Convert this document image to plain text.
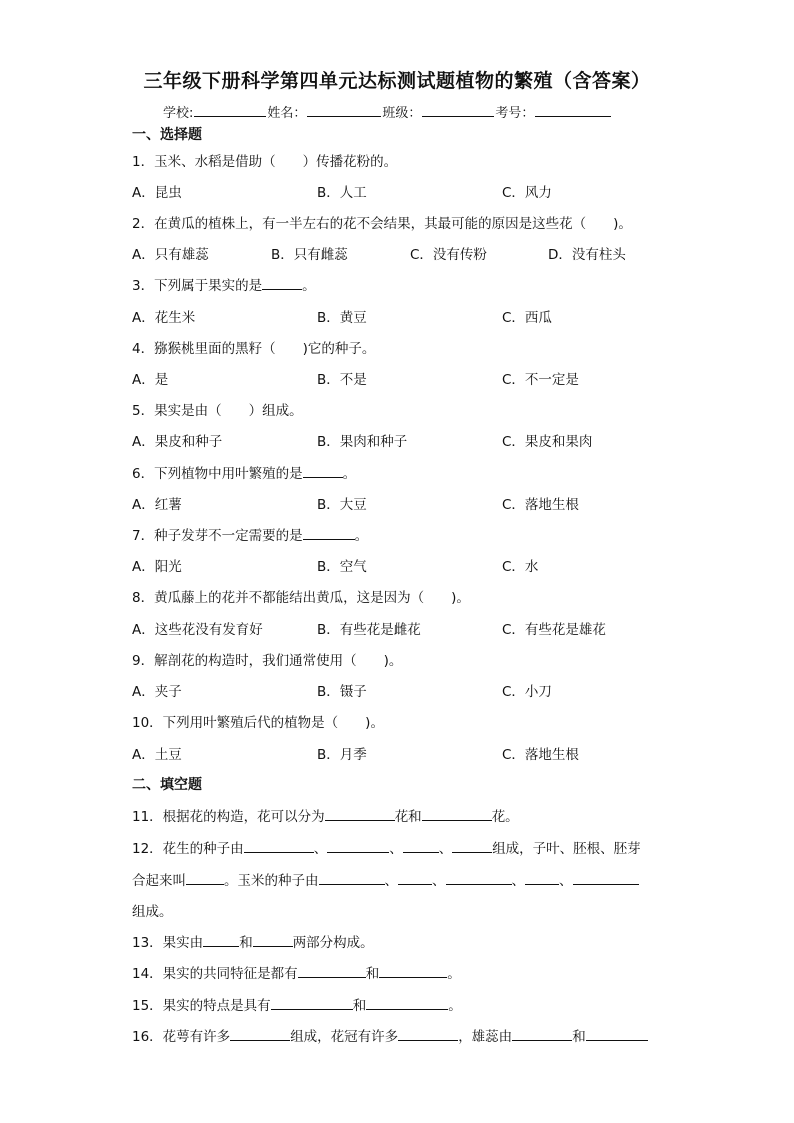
三年级下册科学第四单元达标测试题植物的繁殖（含答案）
学校:	姓名：	班级：	考号：
一、选择题
1．玉米、水稻是借助（　　）传播花粉的。
A．昆虫	B．人工	C．风力
2．在黄瓜的植株上，有一半左右的花不会结果，其最可能的原因是这些花（　　)。
A．只有雄蕊	B．只有雌蕊	C．没有传粉	D．没有柱头
3．下列属于果实的是	。
A．花生米	B．黄豆	C．西瓜
4．猕猴桃里面的黑籽（　　)它的种子。
A．是	B．不是	C．不一定是
5．果实是由（　　）组成。
A．果皮和种子	B．果肉和种子	C．果皮和果肉
6．下列植物中用叶繁殖的是	。
A．红薯	B．大豆	C．落地生根
7．种子发芽不一定需要的是	。
A．阳光	B．空气	C．水
8．黄瓜藤上的花并不都能结出黄瓜，这是因为（　　)。
A．这些花没有发育好	B．有些花是雌花	C．有些花是雄花
9．解剖花的构造时，我们通常使用（　　)。
A．夹子	B．镊子	C．小刀
10．下列用叶繁殖后代的植物是（　　)。
A．土豆	B．月季	C．落地生根
二、填空题
11．根据花的构造，花可以分为	花和	花。
12．花生的种子由	、	、	、	组成，子叶、胚根、胚芽
合起来叫	。玉米的种子由	、	、	、	、
组成。
13．果实由	和	两部分构成。
14．果实的共同特征是都有	和	。
15．果实的特点是具有	和	。
16．花萼有许多	组成，花冠有许多	，雄蕊由	和
